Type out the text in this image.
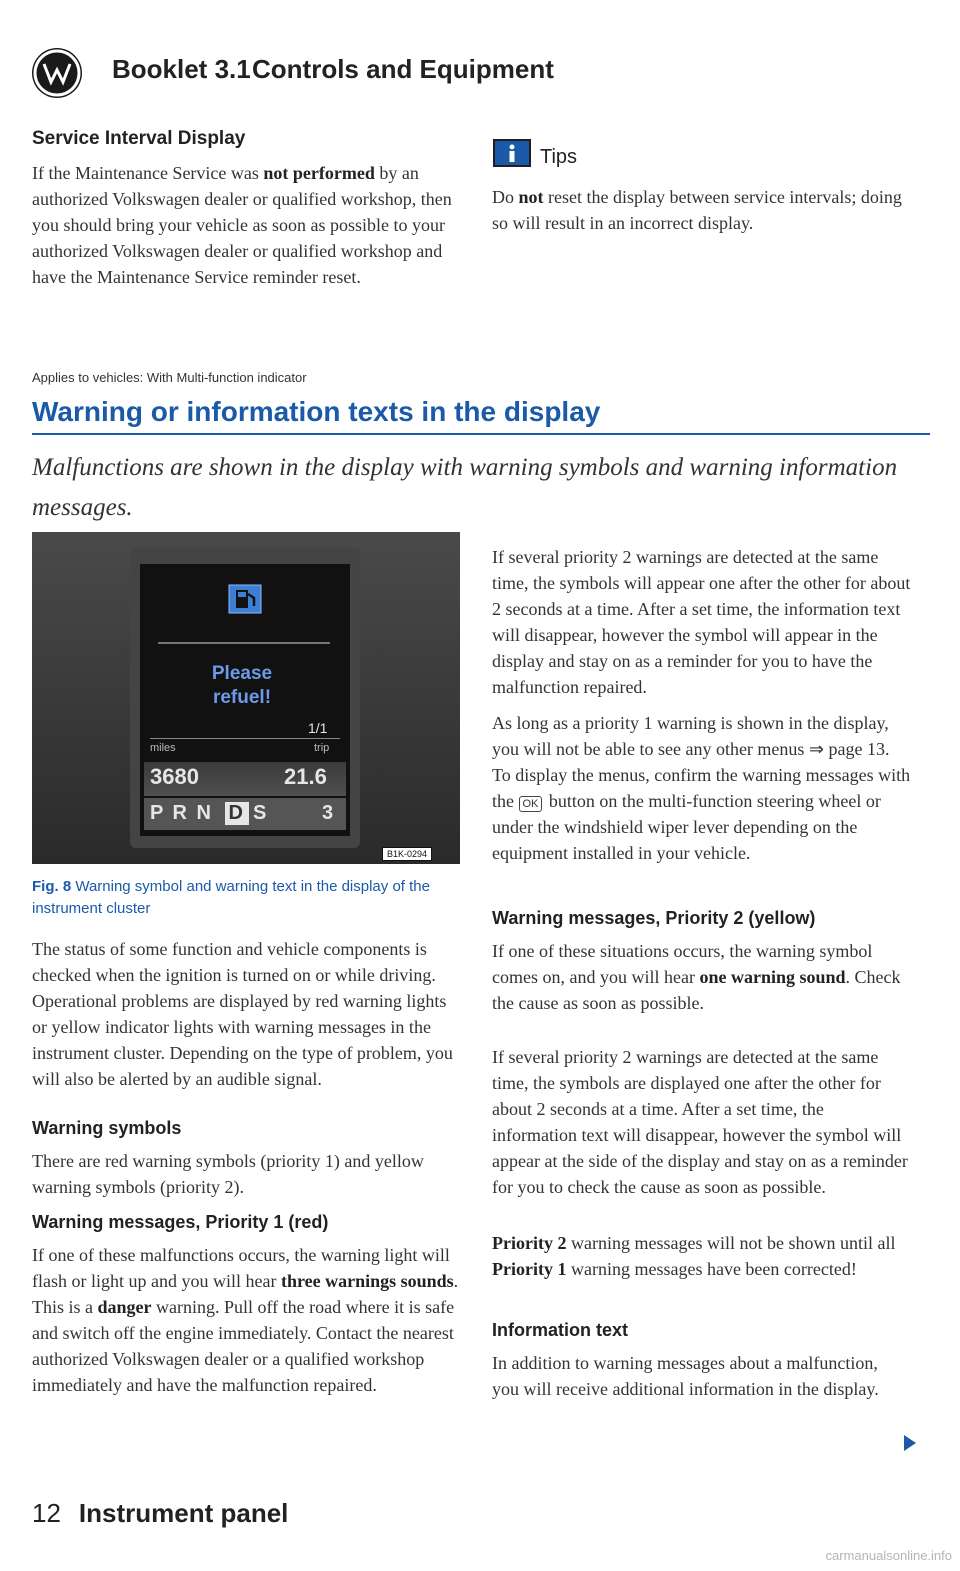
Booklet 3.1 Controls and Equipment
Service Interval Display
If the Maintenance Service was not performed by an authorized Volkswagen dealer or qualified workshop, then you should bring your vehicle as soon as possible to your authorized Volkswagen dealer or qualified workshop and have the Maintenance Service reminder reset.
Tips
Do not reset the display between service intervals; doing so will result in an incorrect display.
Applies to vehicles: With Multi-function indicator
Warning or information texts in the display
Malfunctions are shown in the display with warning symbols and warning information messages.
Please
refuel!
1/1
miles	trip
3680	21.6
P R N D S	3
B1K-0294
Fig. 8 Warning symbol and warning text in the display of the instrument cluster
The status of some function and vehicle components is checked when the ignition is turned on or while driving. Operational problems are displayed by red warning lights or yellow indicator lights with warning messages in the instrument cluster. Depending on the type of problem, you will also be alerted by an audible signal.
Warning symbols
There are red warning symbols (priority 1) and yellow warning symbols (priority 2).
Warning messages, Priority 1 (red)
If one of these malfunctions occurs, the warning light will flash or light up and you will hear three warnings sounds. This is a danger warning. Pull off the road where it is safe and switch off the engine immediately. Contact the nearest authorized Volkswagen dealer or a qualified workshop immediately and have the malfunction repaired.
If several priority 2 warnings are detected at the same time, the symbols will appear one after the other for about 2 seconds at a time. After a set time, the information text will disappear, however the symbol will appear in the display and stay on as a reminder for you to have the malfunction repaired.
As long as a priority 1 warning is shown in the display, you will not be able to see any other menus ⇒ page 13. To display the menus, confirm the warning messages with the OK button on the multi-function steering wheel or under the windshield wiper lever depending on the equipment installed in your vehicle.
Warning messages, Priority 2 (yellow)
If one of these situations occurs, the warning symbol comes on, and you will hear one warning sound. Check the cause as soon as possible.
If several priority 2 warnings are detected at the same time, the symbols are displayed one after the other for about 2 seconds at a time. After a set time, the information text will disappear, however the symbol will appear at the side of the display and stay on as a reminder for you to check the cause as soon as possible.
Priority 2 warning messages will not be shown until all Priority 1 warning messages have been corrected!
Information text
In addition to warning messages about a malfunction, you will receive additional information in the display.
12 Instrument panel
carmanualsonline.info
